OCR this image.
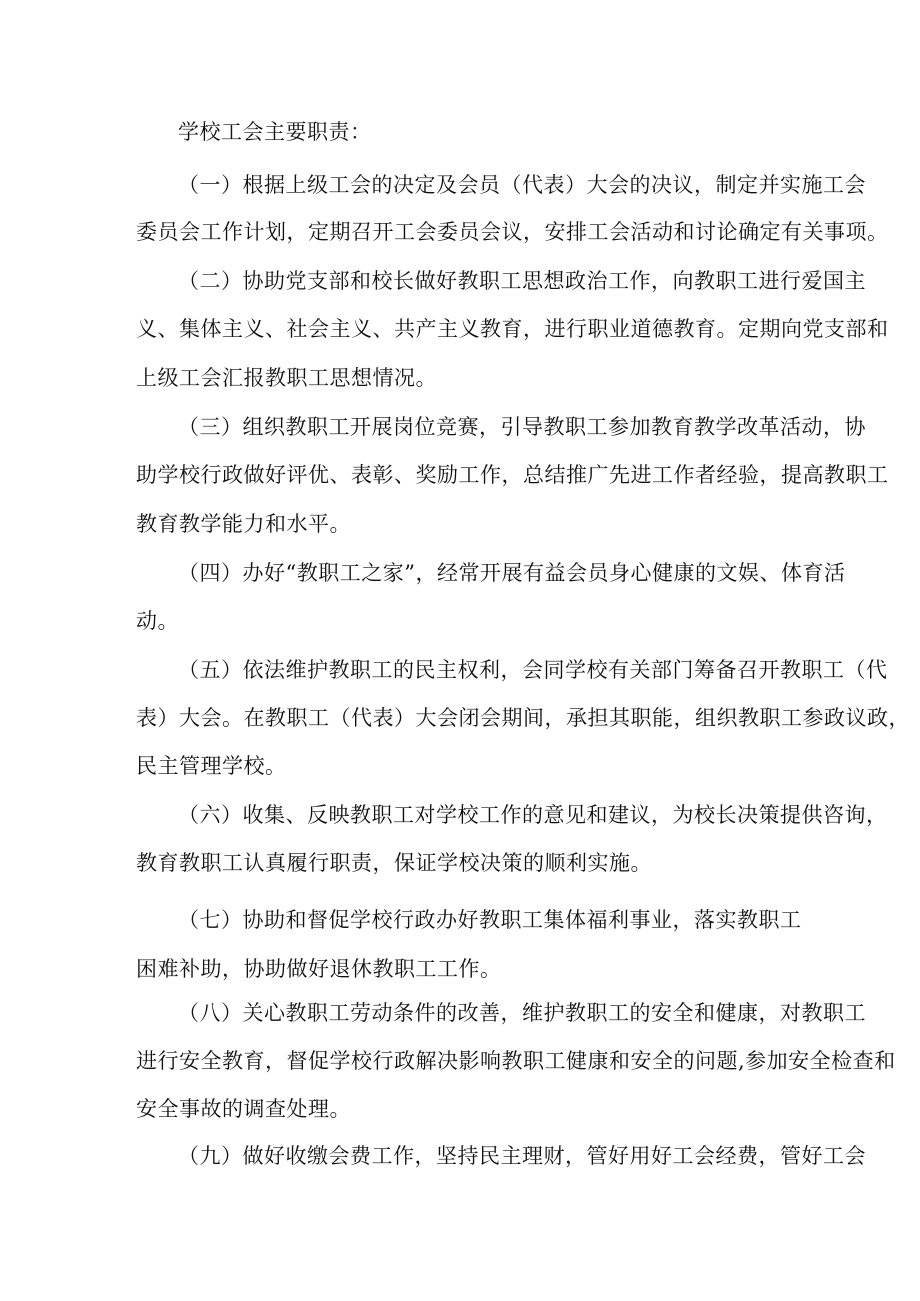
学校工会主要职责：
（一）根据上级工会的决定及会员（代表）大会的决议，制定并实施工会
委员会工作计划，定期召开工会委员会议，安排工会活动和讨论确定有关事项。
（二）协助党支部和校长做好教职工思想政治工作，向教职工进行爱国主
义、集体主义、社会主义、共产主义教育，进行职业道德教育。定期向党支部和
上级工会汇报教职工思想情况。
（三）组织教职工开展岗位竞赛，引导教职工参加教育教学改革活动，协
助学校行政做好评优、表彰、奖励工作，总结推广先进工作者经验，提高教职工
教育教学能力和水平。
（四）办好“教职工之家”，经常开展有益会员身心健康的文娱、体育活
动。
（五）依法维护教职工的民主权利，会同学校有关部门筹备召开教职工（代
表）大会。在教职工（代表）大会闭会期间，承担其职能，组织教职工参政议政，
民主管理学校。
（六）收集、反映教职工对学校工作的意见和建议，为校长决策提供咨询，
教育教职工认真履行职责，保证学校决策的顺利实施。
（七）协助和督促学校行政办好教职工集体福利事业，落实教职工
困难补助，协助做好退休教职工工作。
（八）关心教职工劳动条件的改善，维护教职工的安全和健康，对教职工
进行安全教育，督促学校行政解决影响教职工健康和安全的问题,参加安全检查和
安全事故的调查处理。
（九）做好收缴会费工作，坚持民主理财，管好用好工会经费，管好工会
